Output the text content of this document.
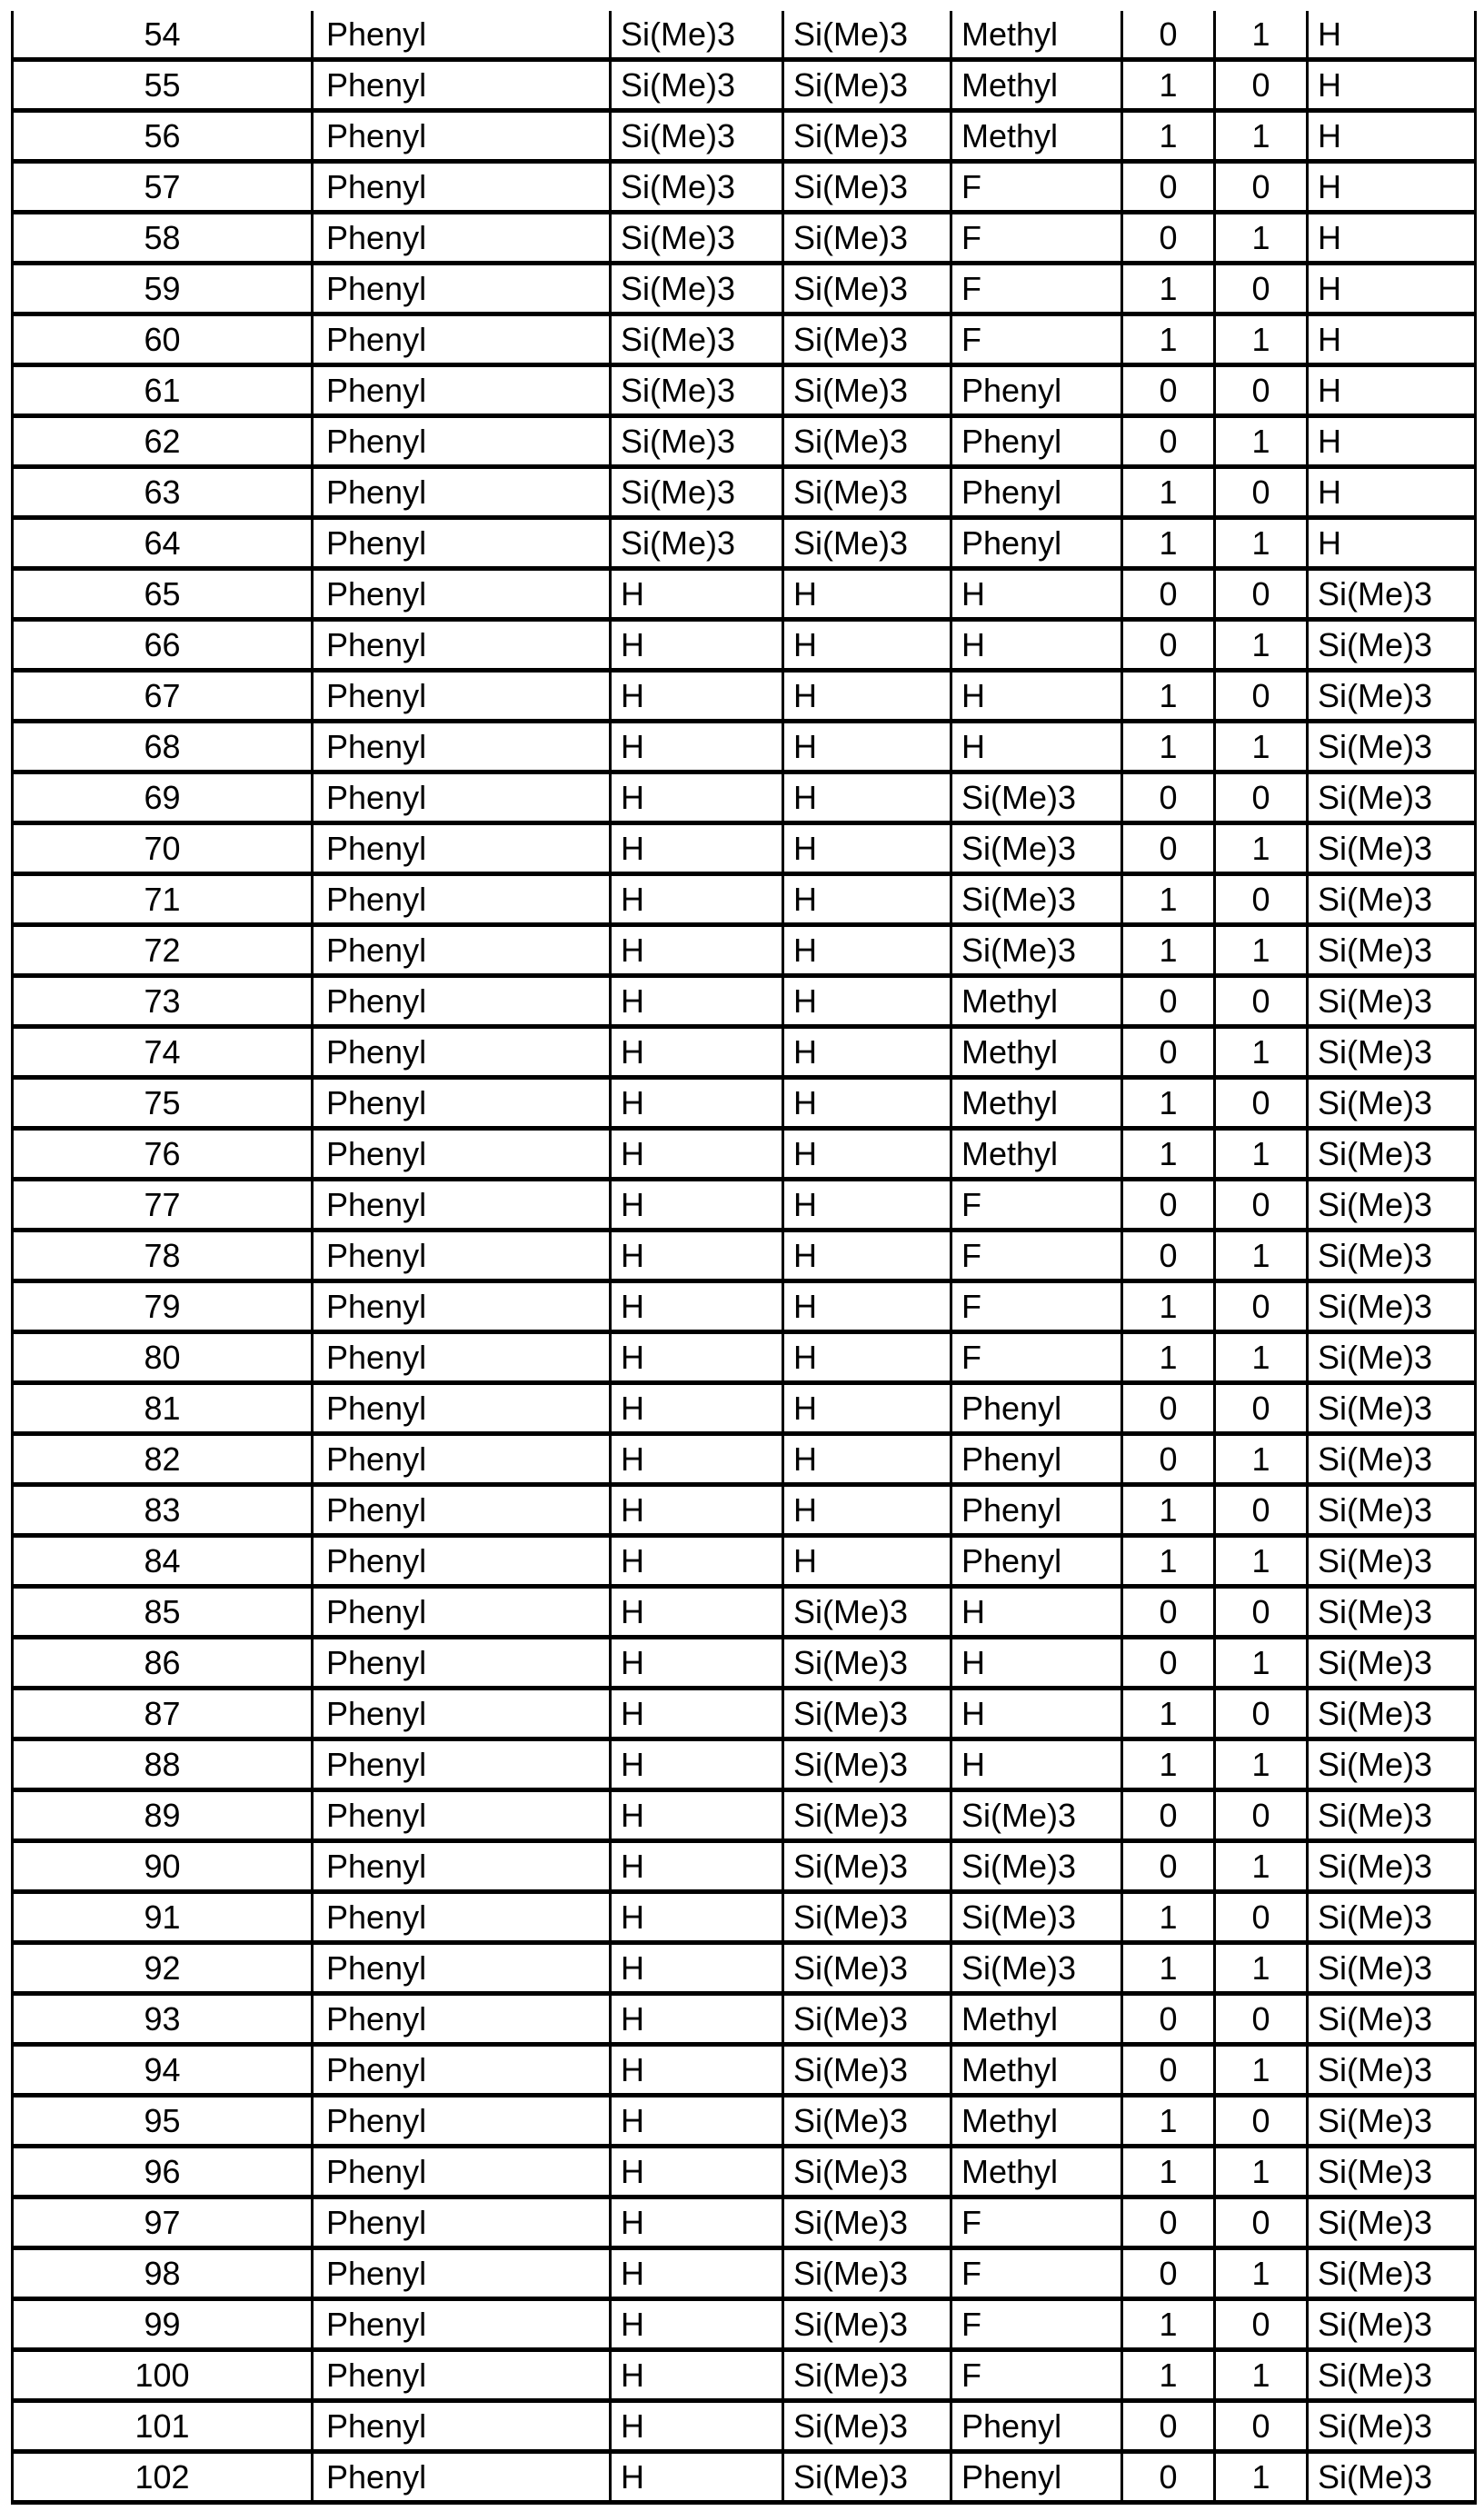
54	Phenyl	Si(Me)3	Si(Me)3	Methyl	0	1	H
55	Phenyl	Si(Me)3	Si(Me)3	Methyl	1	0	H
56	Phenyl	Si(Me)3	Si(Me)3	Methyl	1	1	H
57	Phenyl	Si(Me)3	Si(Me)3	F	0	0	H
58	Phenyl	Si(Me)3	Si(Me)3	F	0	1	H
59	Phenyl	Si(Me)3	Si(Me)3	F	1	0	H
60	Phenyl	Si(Me)3	Si(Me)3	F	1	1	H
61	Phenyl	Si(Me)3	Si(Me)3	Phenyl	0	0	H
62	Phenyl	Si(Me)3	Si(Me)3	Phenyl	0	1	H
63	Phenyl	Si(Me)3	Si(Me)3	Phenyl	1	0	H
64	Phenyl	Si(Me)3	Si(Me)3	Phenyl	1	1	H
65	Phenyl	H	H	H	0	0	Si(Me)3
66	Phenyl	H	H	H	0	1	Si(Me)3
67	Phenyl	H	H	H	1	0	Si(Me)3
68	Phenyl	H	H	H	1	1	Si(Me)3
69	Phenyl	H	H	Si(Me)3	0	0	Si(Me)3
70	Phenyl	H	H	Si(Me)3	0	1	Si(Me)3
71	Phenyl	H	H	Si(Me)3	1	0	Si(Me)3
72	Phenyl	H	H	Si(Me)3	1	1	Si(Me)3
73	Phenyl	H	H	Methyl	0	0	Si(Me)3
74	Phenyl	H	H	Methyl	0	1	Si(Me)3
75	Phenyl	H	H	Methyl	1	0	Si(Me)3
76	Phenyl	H	H	Methyl	1	1	Si(Me)3
77	Phenyl	H	H	F	0	0	Si(Me)3
78	Phenyl	H	H	F	0	1	Si(Me)3
79	Phenyl	H	H	F	1	0	Si(Me)3
80	Phenyl	H	H	F	1	1	Si(Me)3
81	Phenyl	H	H	Phenyl	0	0	Si(Me)3
82	Phenyl	H	H	Phenyl	0	1	Si(Me)3
83	Phenyl	H	H	Phenyl	1	0	Si(Me)3
84	Phenyl	H	H	Phenyl	1	1	Si(Me)3
85	Phenyl	H	Si(Me)3	H	0	0	Si(Me)3
86	Phenyl	H	Si(Me)3	H	0	1	Si(Me)3
87	Phenyl	H	Si(Me)3	H	1	0	Si(Me)3
88	Phenyl	H	Si(Me)3	H	1	1	Si(Me)3
89	Phenyl	H	Si(Me)3	Si(Me)3	0	0	Si(Me)3
90	Phenyl	H	Si(Me)3	Si(Me)3	0	1	Si(Me)3
91	Phenyl	H	Si(Me)3	Si(Me)3	1	0	Si(Me)3
92	Phenyl	H	Si(Me)3	Si(Me)3	1	1	Si(Me)3
93	Phenyl	H	Si(Me)3	Methyl	0	0	Si(Me)3
94	Phenyl	H	Si(Me)3	Methyl	0	1	Si(Me)3
95	Phenyl	H	Si(Me)3	Methyl	1	0	Si(Me)3
96	Phenyl	H	Si(Me)3	Methyl	1	1	Si(Me)3
97	Phenyl	H	Si(Me)3	F	0	0	Si(Me)3
98	Phenyl	H	Si(Me)3	F	0	1	Si(Me)3
99	Phenyl	H	Si(Me)3	F	1	0	Si(Me)3
100	Phenyl	H	Si(Me)3	F	1	1	Si(Me)3
101	Phenyl	H	Si(Me)3	Phenyl	0	0	Si(Me)3
102	Phenyl	H	Si(Me)3	Phenyl	0	1	Si(Me)3
